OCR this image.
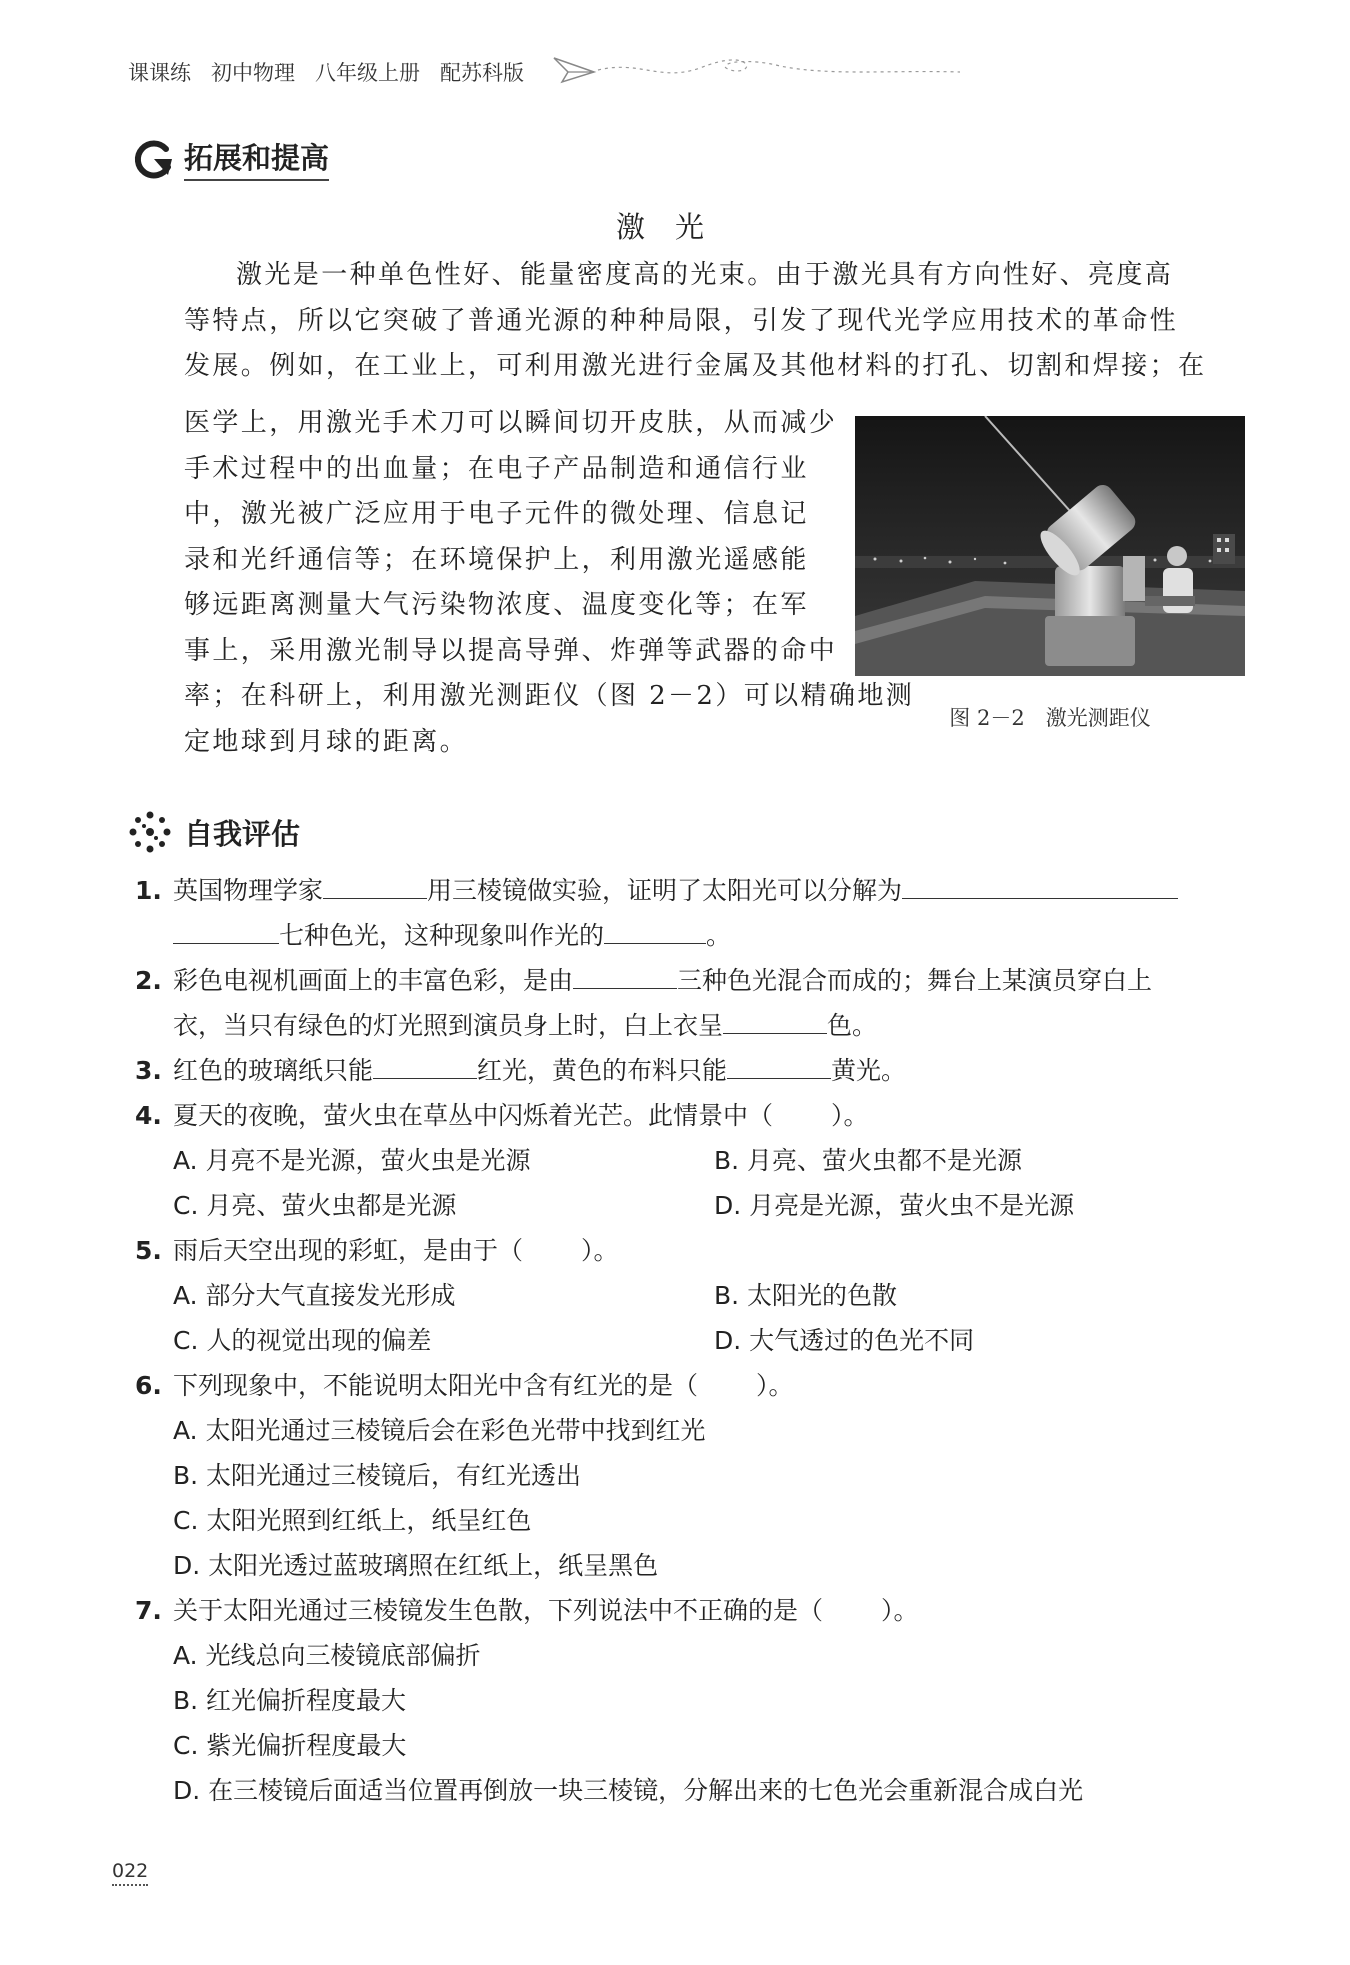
课课练 初中物理 八年级上册 配苏科版
拓展和提高
激光
激光是一种单色性好、能量密度高的光束。由于激光具有方向性好、亮度高
等特点，所以它突破了普通光源的种种局限，引发了现代光学应用技术的革命性
发展。例如，在工业上，可利用激光进行金属及其他材料的打孔、切割和焊接；在
医学上，用激光手术刀可以瞬间切开皮肤，从而减少
手术过程中的出血量；在电子产品制造和通信行业
中，激光被广泛应用于电子元件的微处理、信息记
录和光纤通信等；在环境保护上，利用激光遥感能
够远距离测量大气污染物浓度、温度变化等；在军
事上，采用激光制导以提高导弹、炸弹等武器的命中
率；在科研上，利用激光测距仪（图 2－2）可以精确地测
定地球到月球的距离。
图 2－2　激光测距仪
自我评估
1. 英国物理学家	用三棱镜做实验，证明了太阳光可以分解为
七种色光，这种现象叫作光的	。
2. 彩色电视机画面上的丰富色彩，是由	三种色光混合而成的；舞台上某演员穿白上
衣，当只有绿色的灯光照到演员身上时，白上衣呈	色。
3. 红色的玻璃纸只能	红光，黄色的布料只能	黄光。
4. 夏天的夜晚，萤火虫在草丛中闪烁着光芒。此情景中（ ）。
A. 月亮不是光源，萤火虫是光源	B. 月亮、萤火虫都不是光源
C. 月亮、萤火虫都是光源	D. 月亮是光源，萤火虫不是光源
5. 雨后天空出现的彩虹，是由于（ ）。
A. 部分大气直接发光形成	B. 太阳光的色散
C. 人的视觉出现的偏差	D. 大气透过的色光不同
6. 下列现象中，不能说明太阳光中含有红光的是（ ）。
A. 太阳光通过三棱镜后会在彩色光带中找到红光
B. 太阳光通过三棱镜后，有红光透出
C. 太阳光照到红纸上，纸呈红色
D. 太阳光透过蓝玻璃照在红纸上，纸呈黑色
7. 关于太阳光通过三棱镜发生色散，下列说法中不正确的是（ ）。
A. 光线总向三棱镜底部偏折
B. 红光偏折程度最大
C. 紫光偏折程度最大
D. 在三棱镜后面适当位置再倒放一块三棱镜，分解出来的七色光会重新混合成白光
022
